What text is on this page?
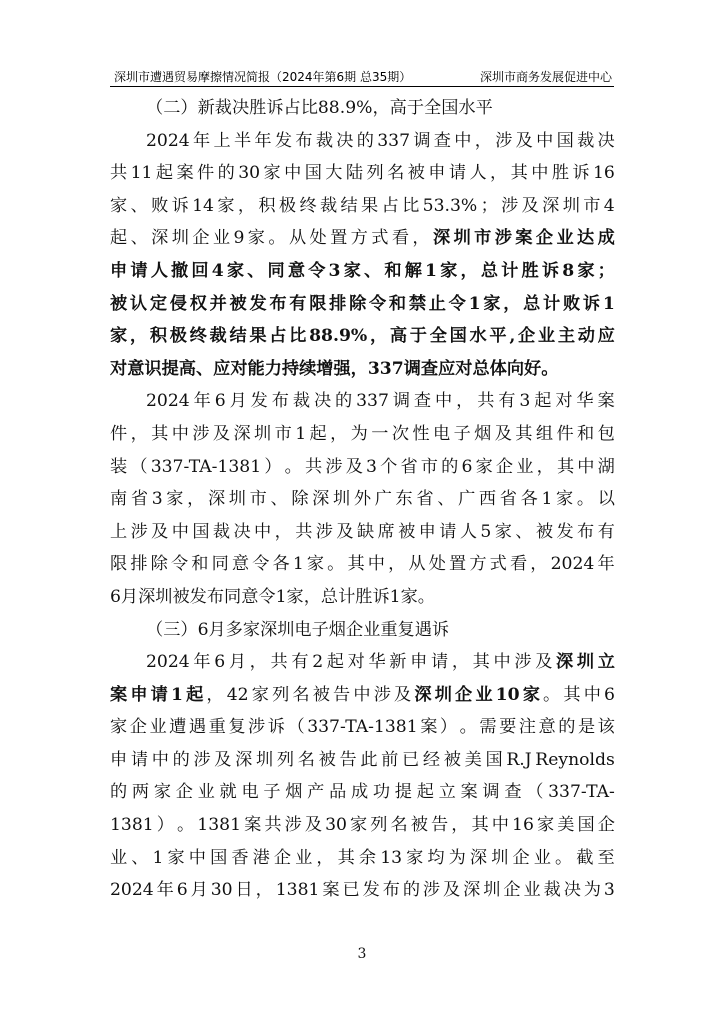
深圳市遭遇贸易摩擦情况简报（2024年第6期 总35期）	深圳市商务发展促进中心
（二）新裁决胜诉占比88.9%，高于全国水平
2024 年 上 半 年 发 布 裁 决 的 337 调 查 中 ， 涉 及 中 国 裁 决
共 11 起 案 件 的 30 家 中 国 大 陆 列 名 被 申 请 人 ， 其 中 胜 诉 16
家 、 败 诉 14 家 ， 积 极 终 裁 结 果 占 比 53.3% ； 涉 及 深 圳 市 4
起 、 深 圳 企 业 9 家 。 从 处 置 方 式 看 ， 深 圳 市 涉 案 企 业 达 成
申 请 人 撤 回 4 家 、 同 意 令 3 家 、 和 解 1 家 ， 总 计 胜 诉 8 家 ；
被 认 定 侵 权 并 被 发 布 有 限 排 除 令 和 禁 止 令 1 家 ， 总 计 败 诉 1
家 ， 积 极 终 裁 结 果 占 比 88.9% ， 高 于 全 国 水 平 , 企 业 主 动 应
对意识提高、应对能力持续增强，337调查应对总体向好。
2024 年 6 月 发 布 裁 决 的 337 调 查 中 ， 共 有 3 起 对 华 案
件 ， 其 中 涉 及 深 圳 市 1 起 ， 为 一 次 性 电 子 烟 及 其 组 件 和 包
装 （ 337-TA-1381 ） 。 共 涉 及 3 个 省 市 的 6 家 企 业 ， 其 中 湖
南 省 3 家 ， 深 圳 市 、 除 深 圳 外 广 东 省 、 广 西 省 各 1 家 。 以
上 涉 及 中 国 裁 决 中 ， 共 涉 及 缺 席 被 申 请 人 5 家 、 被 发 布 有
限 排 除 令 和 同 意 令 各 1 家 。 其 中 ， 从 处 置 方 式 看 ， 2024 年
6月深圳被发布同意令1家，总计胜诉1家。
（三）6月多家深圳电子烟企业重复遇诉
2024 年 6 月 ， 共 有 2 起 对 华 新 申 请 ， 其 中 涉 及 深 圳 立
案 申 请 1 起 ， 42 家 列 名 被 告 中 涉 及 深 圳 企 业 10 家 。 其 中 6
家 企 业 遭 遇 重 复 涉 诉 （ 337-TA-1381 案 ） 。 需 要 注 意 的 是 该
申 请 中 的 涉 及 深 圳 列 名 被 告 此 前 已 经 被 美 国 R.J Reynolds
的 两 家 企 业 就 电 子 烟 产 品 成 功 提 起 立 案 调 查 （ 337-TA-
1381 ） 。 1381 案 共 涉 及 30 家 列 名 被 告 ， 其 中 16 家 美 国 企
业 、 1 家 中 国 香 港 企 业 ， 其 余 13 家 均 为 深 圳 企 业 。 截 至
2024 年 6 月 30 日 ， 1381 案 已 发 布 的 涉 及 深 圳 企 业 裁 决 为 3
3
